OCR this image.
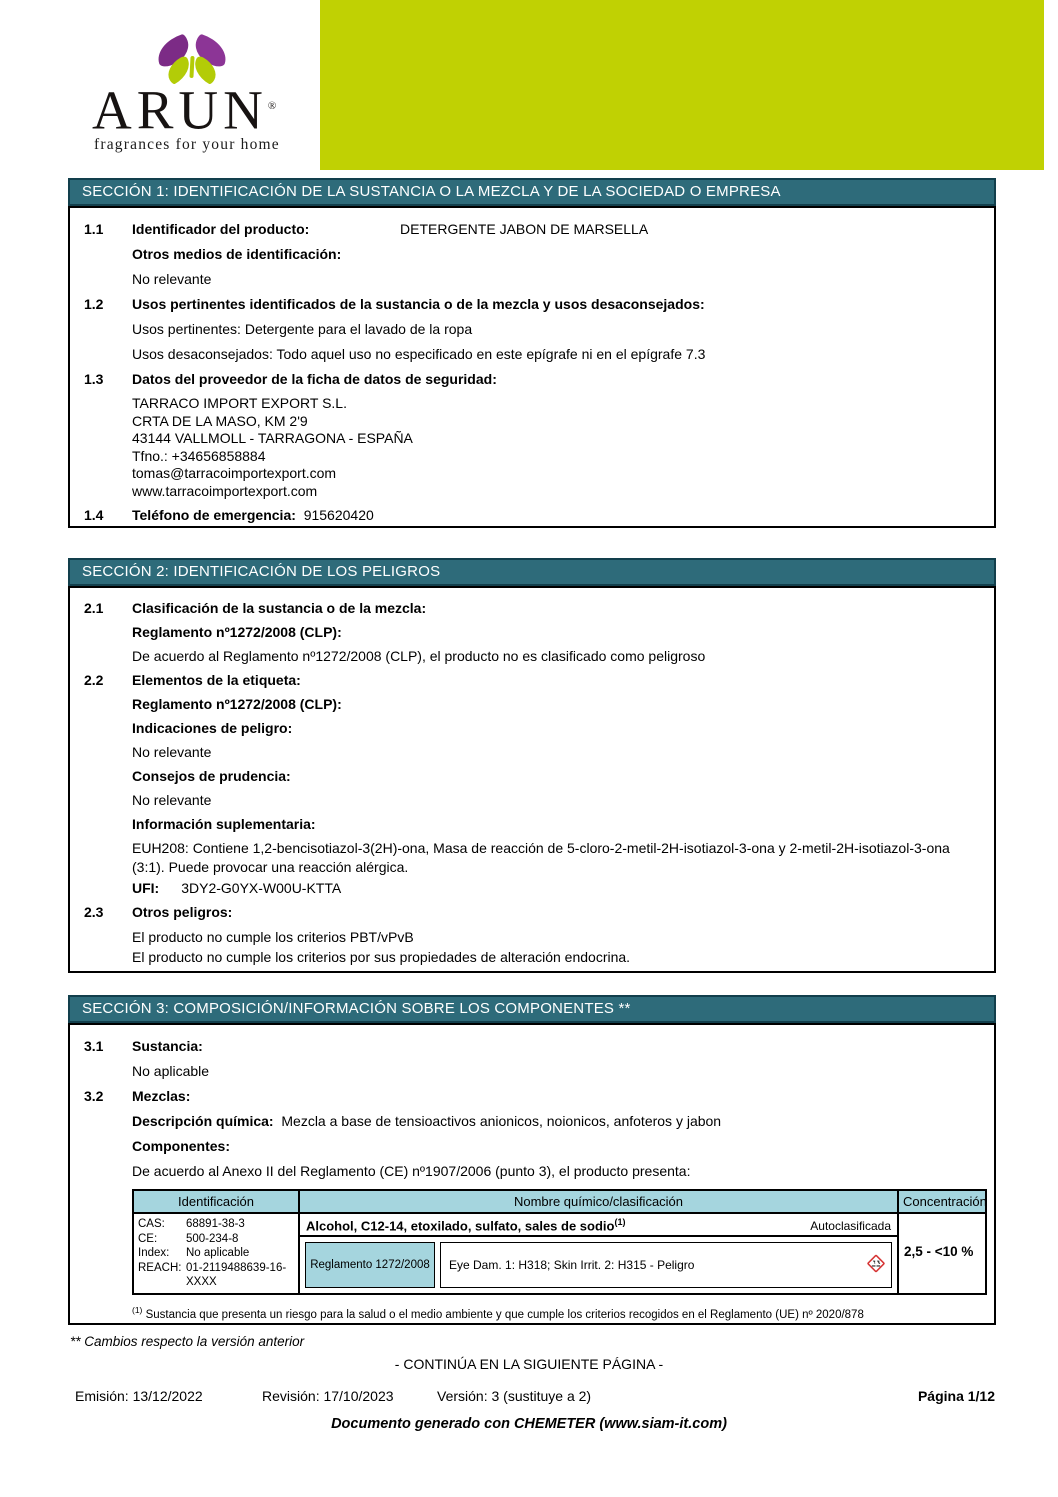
ARUN®
fragrances for your home
SECCIÓN 1: IDENTIFICACIÓN DE LA SUSTANCIA O LA MEZCLA Y DE LA SOCIEDAD O EMPRESA
1.1	Identificador del producto:	DETERGENTE JABON DE MARSELLA
Otros medios de identificación:
No relevante
1.2	Usos pertinentes identificados de la sustancia o de la mezcla y usos desaconsejados:
Usos pertinentes: Detergente para el lavado de la ropa
Usos desaconsejados: Todo aquel uso no especificado en este epígrafe ni en el epígrafe 7.3
1.3	Datos del proveedor de la ficha de datos de seguridad:
TARRACO IMPORT EXPORT S.L.
CRTA DE LA MASO, KM 2'9
43144 VALLMOLL - TARRAGONA - ESPAÑA
Tfno.: +34656858884
tomas@tarracoimportexport.com
www.tarracoimportexport.com
1.4	Teléfono de emergencia: 915620420
SECCIÓN 2: IDENTIFICACIÓN DE LOS PELIGROS
2.1	Clasificación de la sustancia o de la mezcla:
Reglamento nº1272/2008 (CLP):
De acuerdo al Reglamento nº1272/2008 (CLP), el producto no es clasificado como peligroso
2.2	Elementos de la etiqueta:
Reglamento nº1272/2008 (CLP):
Indicaciones de peligro:
No relevante
Consejos de prudencia:
No relevante
Información suplementaria:
EUH208: Contiene 1,2-bencisotiazol-3(2H)-ona, Masa de reacción de 5-cloro-2-metil-2H-isotiazol-3-ona y 2-metil-2H-isotiazol-3-ona (3:1). Puede provocar una reacción alérgica.
UFI: 3DY2-G0YX-W00U-KTTA
2.3	Otros peligros:
El producto no cumple los criterios PBT/vPvB
El producto no cumple los criterios por sus propiedades de alteración endocrina.
SECCIÓN 3: COMPOSICIÓN/INFORMACIÓN SOBRE LOS COMPONENTES **
3.1	Sustancia:
No aplicable
3.2	Mezclas:
Descripción química: Mezcla a base de tensioactivos anionicos, noionicos, anfoteros y jabon
Componentes:
De acuerdo al Anexo II del Reglamento (CE) nº1907/2006 (punto 3), el producto presenta:
Identificación	Nombre químico/clasificación	Concentración
CAS:	68891-38-3
CE:	500-234-8
Index:	No aplicable
REACH: 01-2119488639-16-XXXX
Alcohol, C12-14, etoxilado, sulfato, sales de sodio$^{(1)}$	Autoclasificada
Reglamento 1272/2008	Eye Dam. 1: H318; Skin Irrit. 2: H315 - Peligro
2,5 - <10 %
$^{(1)}$ Sustancia que presenta un riesgo para la salud o el medio ambiente y que cumple los criterios recogidos en el Reglamento (UE) nº 2020/878
** Cambios respecto la versión anterior
- CONTINÚA EN LA SIGUIENTE PÁGINA -
Emisión: 13/12/2022	Revisión: 17/10/2023	Versión: 3 (sustituye a 2)	Página 1/12
Documento generado con CHEMETER (www.siam-it.com)
